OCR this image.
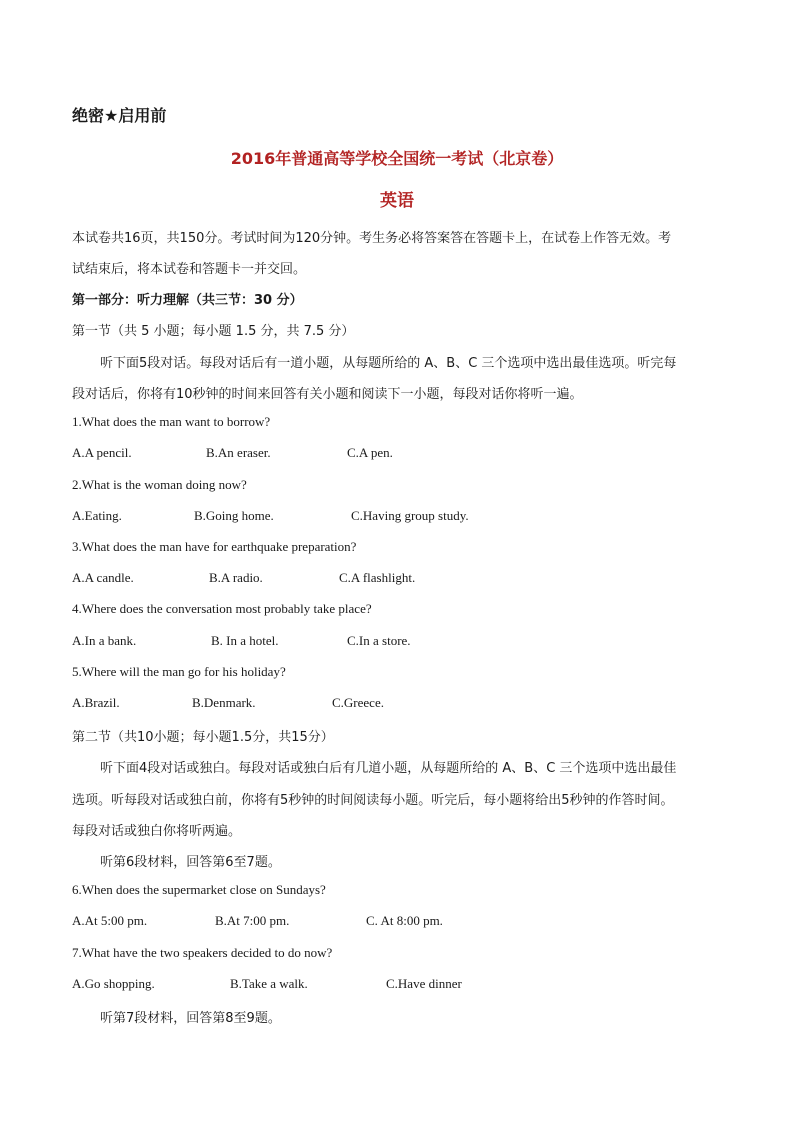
绝密★启用前
2016年普通高等学校全国统一考试（北京卷）
英语
本试卷共16页，共150分。考试时间为120分钟。考生务必将答案答在答题卡上，在试卷上作答无效。考
试结束后，将本试卷和答题卡一并交回。
第一部分：听力理解（共三节：30 分）
第一节（共 5 小题；每小题 1.5 分，共 7.5 分）
听下面5段对话。每段对话后有一道小题，从每题所给的 A、B、C 三个选项中选出最佳选项。听完每
段对话后，你将有10秒钟的时间来回答有关小题和阅读下一小题，每段对话你将听一遍。
1.What does the man want to borrow?
A.A pencil.	B.An eraser.	C.A pen.
2.What is the woman doing now?
A.Eating.	B.Going home.	C.Having group study.
3.What does the man have for earthquake preparation?
A.A candle.	B.A radio.	C.A flashlight.
4.Where does the conversation most probably take place?
A.In a bank.	B. In a hotel.	C.In a store.
5.Where will the man go for his holiday?
A.Brazil.	B.Denmark.	C.Greece.
第二节（共10小题；每小题1.5分，共15分）
听下面4段对话或独白。每段对话或独白后有几道小题，从每题所给的 A、B、C 三个选项中选出最佳
选项。听每段对话或独白前，你将有5秒钟的时间阅读每小题。听完后，每小题将给出5秒钟的作答时间。
每段对话或独白你将听两遍。
听第6段材料，回答第6至7题。
6.When does the supermarket close on Sundays?
A.At 5:00 pm.	B.At 7:00 pm.	C. At 8:00 pm.
7.What have the two speakers decided to do now?
A.Go shopping.	B.Take a walk.	C.Have dinner
听第7段材料，回答第8至9题。
